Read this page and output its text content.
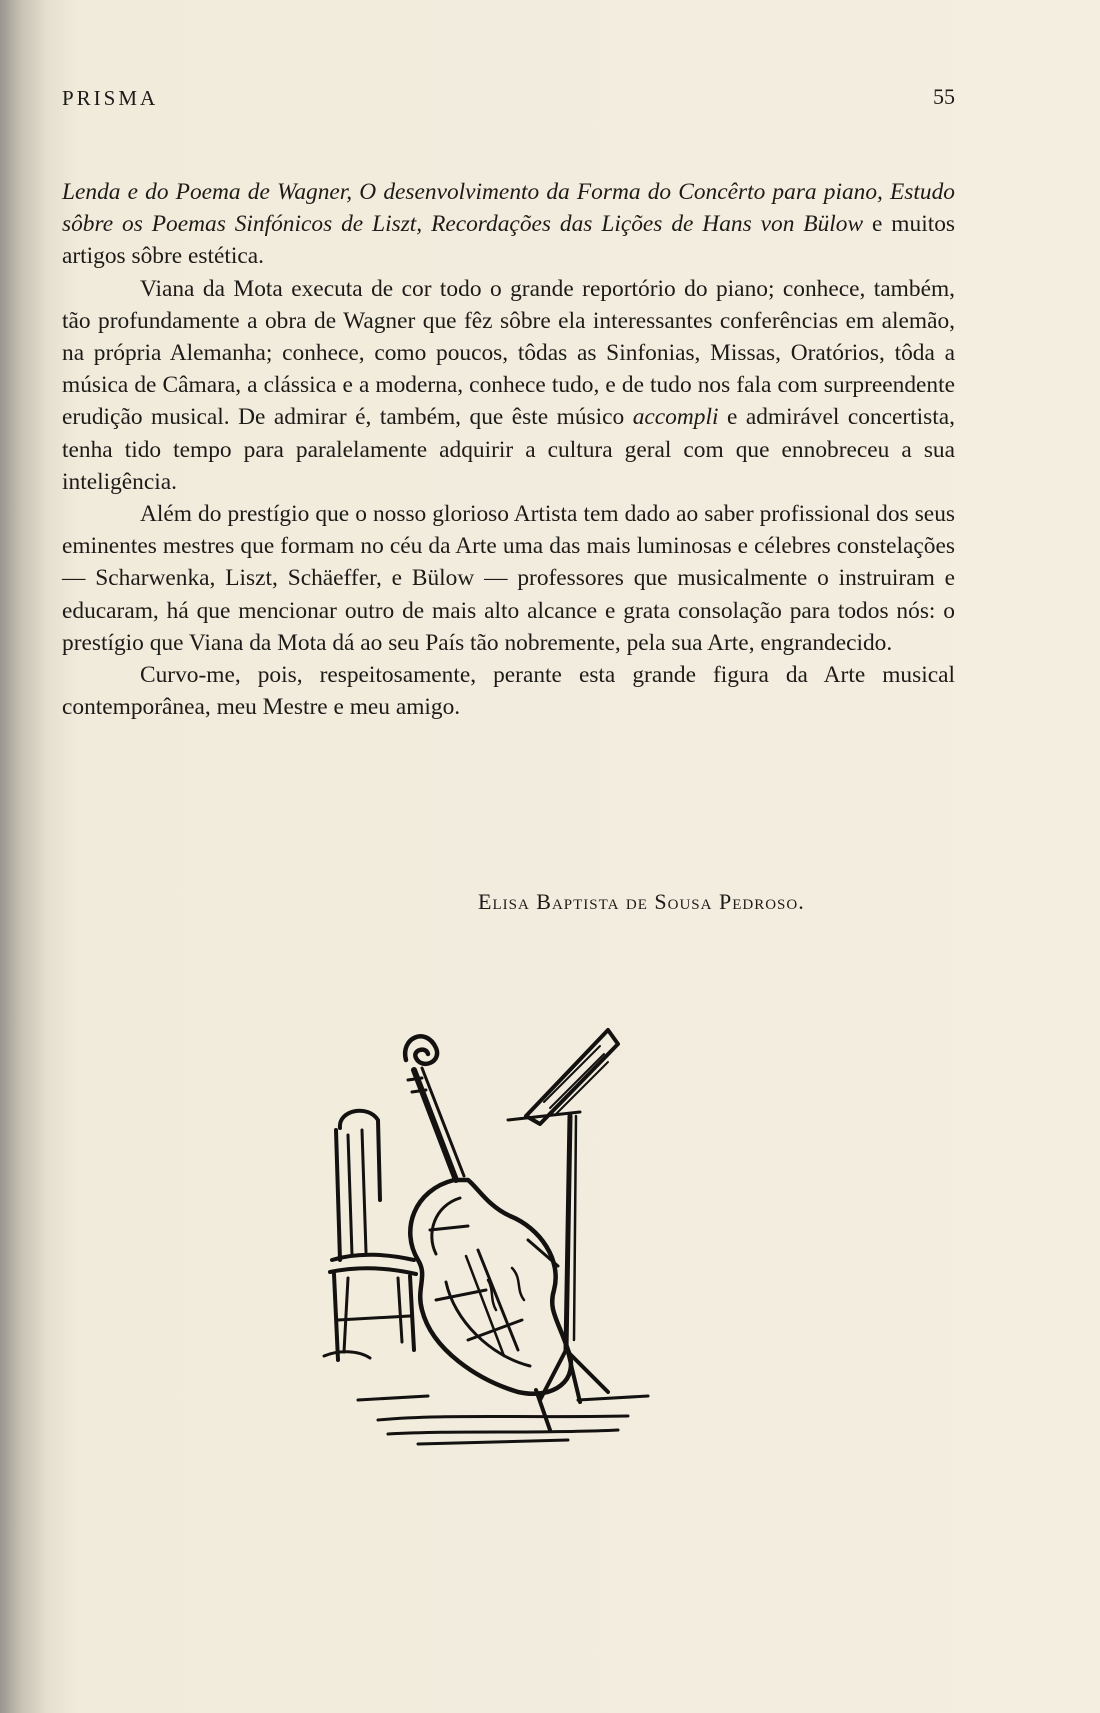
PRISMA	55

Lenda e do Poema de Wagner, O desenvolvimento da Forma do Concêrto para piano, Estudo sôbre os Poemas Sinfónicos de Liszt, Recordações das Lições de Hans von Bülow e muitos artigos sôbre estética.

Viana da Mota executa de cor todo o grande reportório do piano; conhece, também, tão profundamente a obra de Wagner que fêz sôbre ela interessantes conferências em alemão, na própria Alemanha; conhece, como poucos, tôdas as Sinfonias, Missas, Oratórios, tôda a música de Câmara, a clássica e a moderna, conhece tudo, e de tudo nos fala com surpreendente erudição musical. De admirar é, também, que êste músico accompli e admirável concertista, tenha tido tempo para paralelamente adquirir a cultura geral com que ennobreceu a sua inteligência.

Além do prestígio que o nosso glorioso Artista tem dado ao saber profissional dos seus eminentes mestres que formam no céu da Arte uma das mais luminosas e célebres constelações — Scharwenka, Liszt, Schäeffer, e Bülow — professores que musicalmente o instruiram e educaram, há que mencionar outro de mais alto alcance e grata consolação para todos nós: o prestígio que Viana da Mota dá ao seu País tão nobremente, pela sua Arte, engrandecido.

Curvo-me, pois, respeitosamente, perante esta grande figura da Arte musical contemporânea, meu Mestre e meu amigo.

Elisa Baptista de Sousa Pedroso.
